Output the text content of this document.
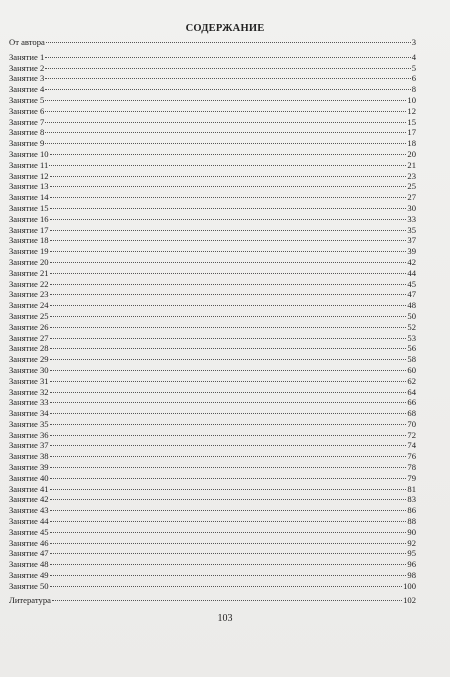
СОДЕРЖАНИЕ
От автора	3
Занятие 1	4
Занятие 2	5
Занятие 3	6
Занятие 4	8
Занятие 5	10
Занятие 6	12
Занятие 7	15
Занятие 8	17
Занятие 9	18
Занятие 10	20
Занятие 11	21
Занятие 12	23
Занятие 13	25
Занятие 14	27
Занятие 15	30
Занятие 16	33
Занятие 17	35
Занятие 18	37
Занятие 19	39
Занятие 20	42
Занятие 21	44
Занятие 22	45
Занятие 23	47
Занятие 24	48
Занятие 25	50
Занятие 26	52
Занятие 27	53
Занятие 28	56
Занятие 29	58
Занятие 30	60
Занятие 31	62
Занятие 32	64
Занятие 33	66
Занятие 34	68
Занятие 35	70
Занятие 36	72
Занятие 37	74
Занятие 38	76
Занятие 39	78
Занятие 40	79
Занятие 41	81
Занятие 42	83
Занятие 43	86
Занятие 44	88
Занятие 45	90
Занятие 46	92
Занятие 47	95
Занятие 48	96
Занятие 49	98
Занятие 50	100
Литература	102
103
